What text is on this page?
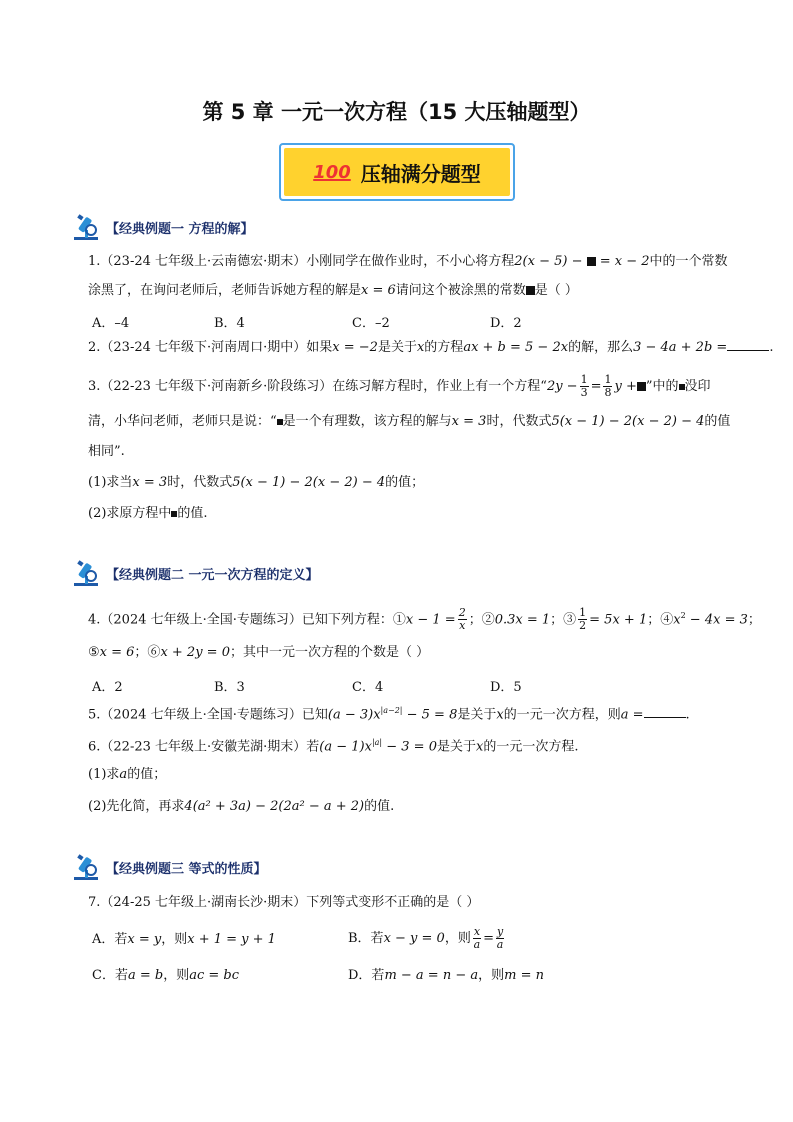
第 5 章 一元一次方程（15 大压轴题型）
100 压轴满分题型
【经典例题一 方程的解】
1.（23-24 七年级上·云南德宏·期末）小刚同学在做作业时，不小心将方程2(x − 5) −  = x − 2中的一个常数
涂黑了，在询问老师后，老师告诉她方程的解是x = 6请问这个被涂黑的常数 是（ ）
A．–4	B．4	C．–2	D．2
2.（23-24 七年级下·河南周口·期中）如果x = −2是关于x的方程ax + b = 5 − 2x的解，那么3 − 4a + 2b =	.
3.（22-23 七年级下·河南新乡·阶段练习）在练习解方程时，作业上有一个方程“$2y - \frac{1}{3} = \frac{1}{8}$ y + ”中的 没印
清，小华问老师，老师只是说：“ 是一个有理数，该方程的解与x = 3时，代数式5(x − 1) − 2(x − 2) − 4的值
相同”.
(1)求当x = 3时，代数式5(x − 1) − 2(x − 2) − 4的值；
(2)求原方程中 的值.
【经典例题二 一元一次方程的定义】
4.（2024 七年级上·全国·专题练习）已知下列方程：①x − $1 = \frac{2}{x}$ ；②0.3x = 1；③ $\frac{1}{2} = 5x + 1$；$④x^2 - 4x = 3$；
⑤x = 6；⑥x + 2y = 0；其中一元一次方程的个数是（ ）
A．2	B．3	C．4	D．5
5.（2024 七年级上·全国·专题练习）已知$(a - 3)x^{|a-2|} - 5 = 8$是关于x的一元一次方程，则a =	.
6.（22-23 七年级上·安徽芜湖·期末）若$(a - 1)x^{|a|} - 3 = 0$是关于x的一元一次方程.
(1)求a的值；
(2)先化简，再求4(a² + 3a) − 2(2a² − a + 2)的值.
【经典例题三 等式的性质】
7.（24-25 七年级上·湖南长沙·期末）下列等式变形不正确的是（ ）
A．若x = y，则x + 1 = y + 1	B．若x − y = 0，则 $\frac{x}{a} = \frac{y}{a}$
C．若a = b，则ac = bc	D．若m − a = n − a，则m = n
